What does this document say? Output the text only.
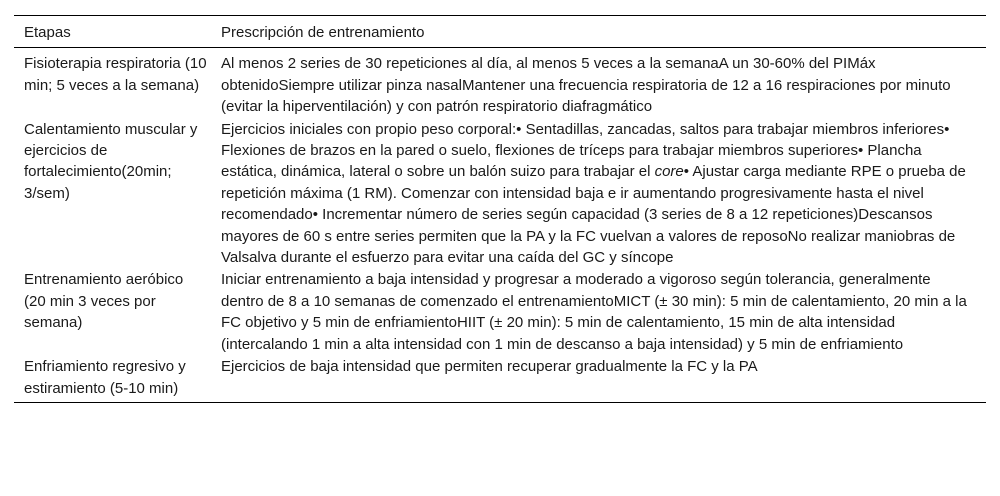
Etapas	Prescripción de entrenamiento
Fisioterapia respiratoria (10 min; 5 veces a la semana)	Al menos 2 series de 30 repeticiones al día, al menos 5 veces a la semanaA un 30-60% del PIMáx obtenidoSiempre utilizar pinza nasalMantener una frecuencia respiratoria de 12 a 16 respiraciones por minuto (evitar la hiperventilación) y con patrón respiratorio diafragmático
Calentamiento muscular y ejercicios de fortalecimiento(20min; 3/sem)	Ejercicios iniciales con propio peso corporal:• Sentadillas, zancadas, saltos para trabajar miembros inferiores• Flexiones de brazos en la pared o suelo, flexiones de tríceps para trabajar miembros superiores• Plancha estática, dinámica, lateral o sobre un balón suizo para trabajar el core• Ajustar carga mediante RPE o prueba de repetición máxima (1 RM). Comenzar con intensidad baja e ir aumentando progresivamente hasta el nivel recomendado• Incrementar número de series según capacidad (3 series de 8 a 12 repeticiones)Descansos mayores de 60 s entre series permiten que la PA y la FC vuelvan a valores de reposoNo realizar maniobras de Valsalva durante el esfuerzo para evitar una caída del GC y síncope
Entrenamiento aeróbico (20 min 3 veces por semana)	Iniciar entrenamiento a baja intensidad y progresar a moderado a vigoroso según tolerancia, generalmente dentro de 8 a 10 semanas de comenzado el entrenamientoMICT (± 30 min): 5 min de calentamiento, 20 min a la FC objetivo y 5 min de enfriamientoHIIT (± 20 min): 5 min de calentamiento, 15 min de alta intensidad (intercalando 1 min a alta intensidad con 1 min de descanso a baja intensidad) y 5 min de enfriamiento
Enfriamiento regresivo y estiramiento (5-10 min)	Ejercicios de baja intensidad que permiten recuperar gradualmente la FC y la PA
